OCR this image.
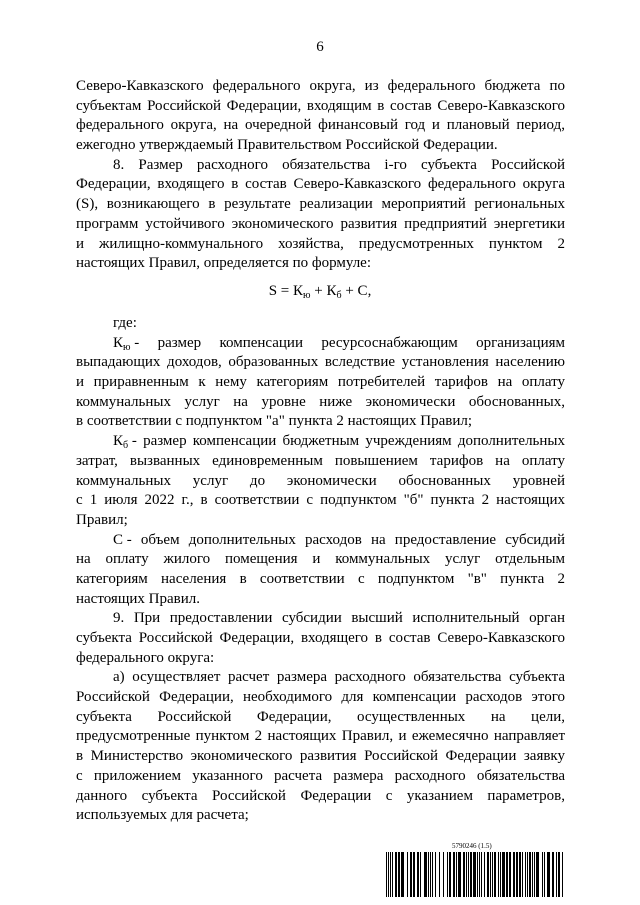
6
Северо-Кавказского федерального округа, из федерального бюджета по
субъектам Российской Федерации, входящим в состав Северо-Кавказского
федерального округа, на очередной финансовый год и плановый период,
ежегодно утверждаемый Правительством Российской Федерации.
8. Размер расходного обязательства i-го субъекта Российской
Федерации, входящего в состав Северо-Кавказского федерального округа
(S), возникающего в результате реализации мероприятий региональных
программ устойчивого экономического развития предприятий энергетики
и жилищно-коммунального хозяйства, предусмотренных пунктом 2
настоящих Правил, определяется по формуле:
$S = К_ю + К_б + С$,
где:
$К_ю$ - размер компенсации ресурсоснабжающим организациям
выпадающих доходов, образованных вследствие установления населению
и приравненным к нему категориям потребителей тарифов на оплату
коммунальных услуг на уровне ниже экономически обоснованных,
в соответствии с подпунктом "а" пункта 2 настоящих Правил;
$К_б$ - размер компенсации бюджетным учреждениям дополнительных
затрат, вызванных единовременным повышением тарифов на оплату
коммунальных услуг до экономически обоснованных уровней
с 1 июля 2022 г., в соответствии с подпунктом "б" пункта 2 настоящих
Правил;
С - объем дополнительных расходов на предоставление субсидий
на оплату жилого помещения и коммунальных услуг отдельным
категориям населения в соответствии с подпунктом "в" пункта 2
настоящих Правил.
9. При предоставлении субсидии высший исполнительный орган
субъекта Российской Федерации, входящего в состав Северо-Кавказского
федерального округа:
а) осуществляет расчет размера расходного обязательства субъекта
Российской Федерации, необходимого для компенсации расходов этого
субъекта Российской Федерации, осуществленных на цели,
предусмотренные пунктом 2 настоящих Правил, и ежемесячно направляет
в Министерство экономического развития Российской Федерации заявку
с приложением указанного расчета размера расходного обязательства
данного субъекта Российской Федерации с указанием параметров,
используемых для расчета;
5790246 (1.5)
